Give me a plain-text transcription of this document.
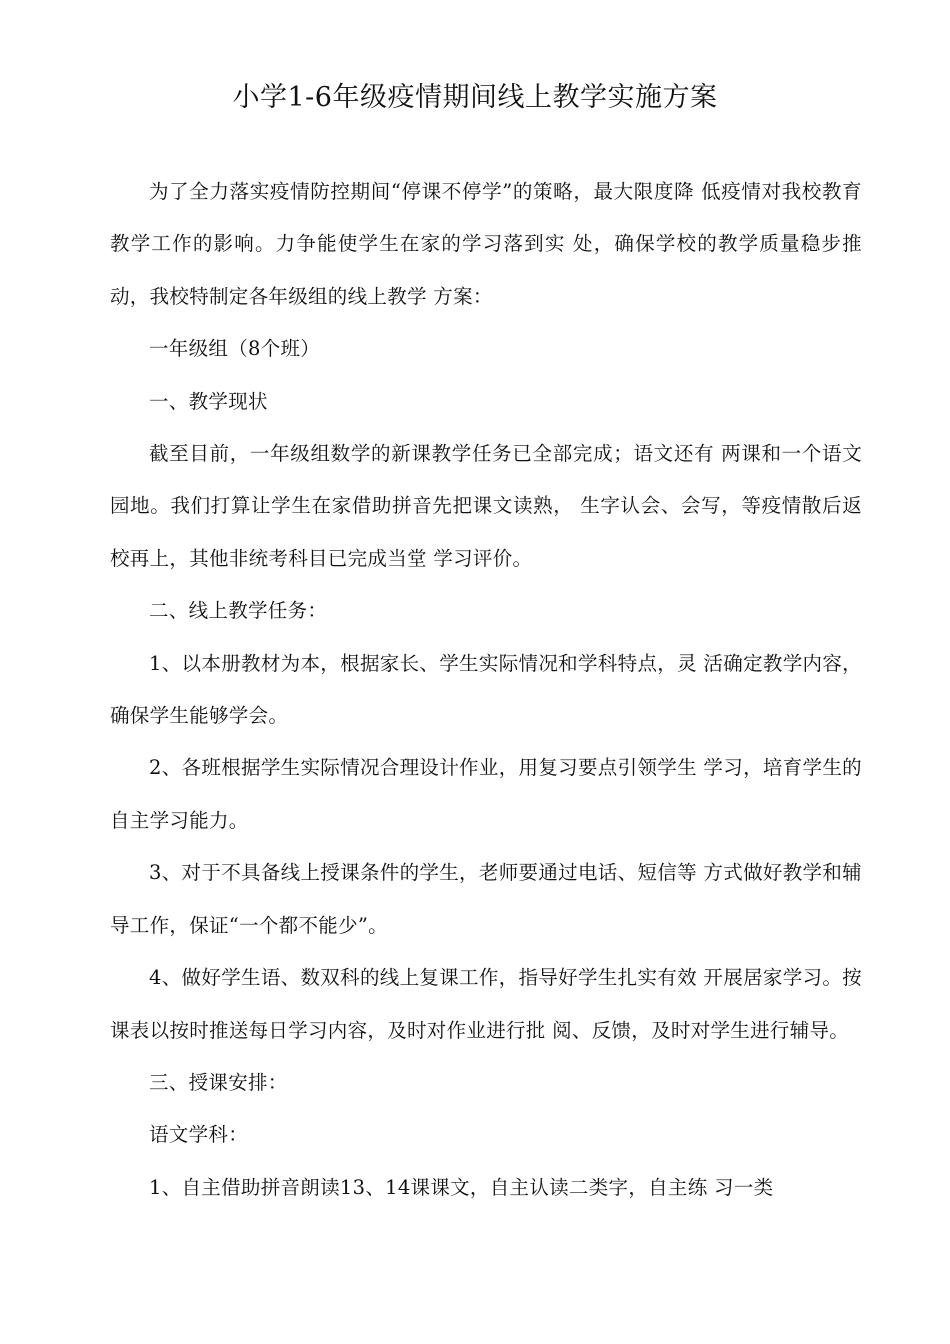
小学1-6年级疫情期间线上教学实施方案

为了全力落实疫情防控期间“停课不停学”的策略，最大限度降 低疫情对我校教育教学工作的影响。力争能使学生在家的学习落到实 处，确保学校的教学质量稳步推动，我校特制定各年级组的线上教学 方案：

一年级组（8个班）

一、教学现状

截至目前，一年级组数学的新课教学任务已全部完成；语文还有 两课和一个语文园地。我们打算让学生在家借助拼音先把课文读熟， 生字认会、会写，等疫情散后返校再上，其他非统考科目已完成当堂 学习评价。

二、线上教学任务：

1、以本册教材为本，根据家长、学生实际情况和学科特点，灵 活确定教学内容，确保学生能够学会。

2、各班根据学生实际情况合理设计作业，用复习要点引领学生 学习，培育学生的自主学习能力。

3、对于不具备线上授课条件的学生，老师要通过电话、短信等 方式做好教学和辅导工作，保证“一个都不能少”。

4、做好学生语、数双科的线上复课工作，指导好学生扎实有效 开展居家学习。按课表以按时推送每日学习内容，及时对作业进行批 阅、反馈，及时对学生进行辅导。

三、授课安排：

语文学科：

1、自主借助拼音朗读13、14课课文，自主认读二类字，自主练 习一类
